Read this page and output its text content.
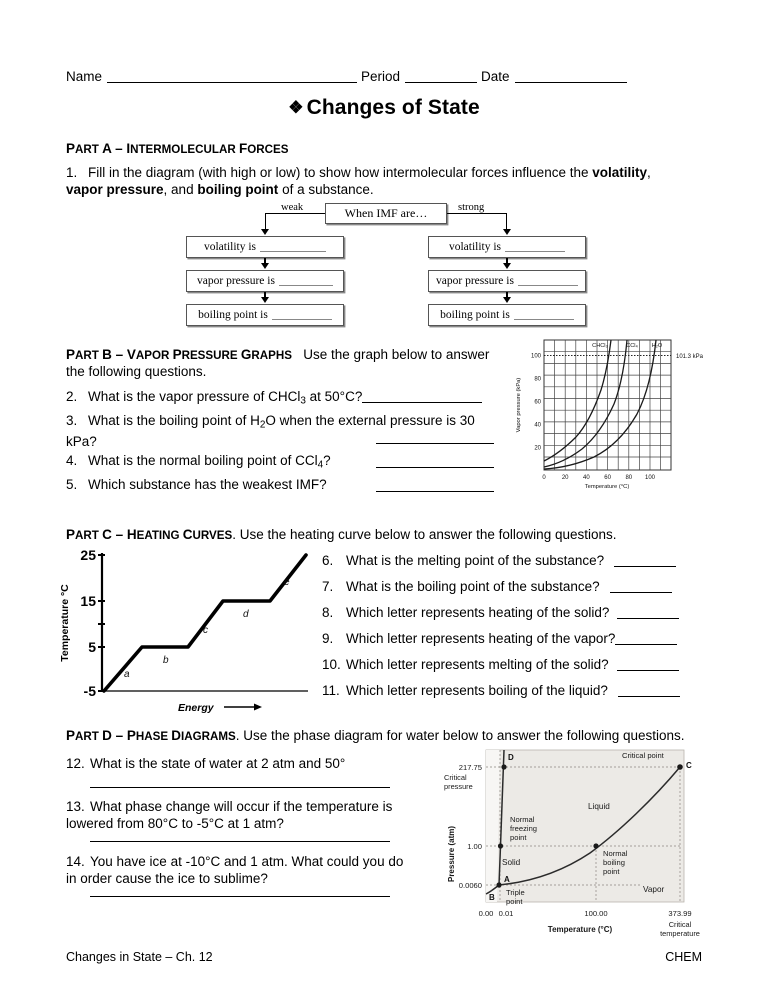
Name	Period	Date
❖ Changes of State
PART A – INTERMOLECULAR FORCES
1. Fill in the diagram (with high or low) to show how intermolecular forces influence the volatility, vapor pressure, and boiling point of a substance.
When IMF are…
weak	strong
volatility is
vapor pressure is
boiling point is
volatility is
vapor pressure is
boiling point is
PART B – VAPOR PRESSURE GRAPHS Use the graph below to answer the following questions.
2. What is the vapor pressure of CHCl$_3$ at 50°C?
3. What is the boiling point of $H_2O$ when the external pressure is 30 kPa?
4. What is the normal boiling point of CCl$_4$?
5. Which substance has the weakest IMF?
100
80
60
40
20
0	20 40 60 80 100
Temperature (°C)
Vapor pressure (kPa)
CHCl₃	CCl₄ H₂O
101.3 kPa
PART C – HEATING CURVES. Use the heating curve below to answer the following questions.
a
b
c
d
e
25
15
5
-5
Temperature °C
Energy
6. What is the melting point of the substance?
7. What is the boiling point of the substance?
8. Which letter represents heating of the solid?
9. Which letter represents heating of the vapor?
10. Which letter represents melting of the solid?
11. Which letter represents boiling of the liquid?
PART D – PHASE DIAGRAMS. Use the phase diagram for water below to answer the following questions.
12. What is the state of water at 2 atm and 50°
13. What phase change will occur if the temperature is lowered from 80°C to -5°C at 1 atm?
14. You have ice at -10°C and 1 atm. What could you do in order cause the ice to sublime?
D
A
B
C
Liquid
Solid
Vapor
Critical point
Normal
freezing
point
Normal
boiling
point
Triple
point
217.75
1.00
0.0060
Critical
pressure
Pressure (atm)
0.00 0.01	100.00	373.99
Temperature (°C)
Critical
temperature
Changes in State – Ch. 12	CHEM
